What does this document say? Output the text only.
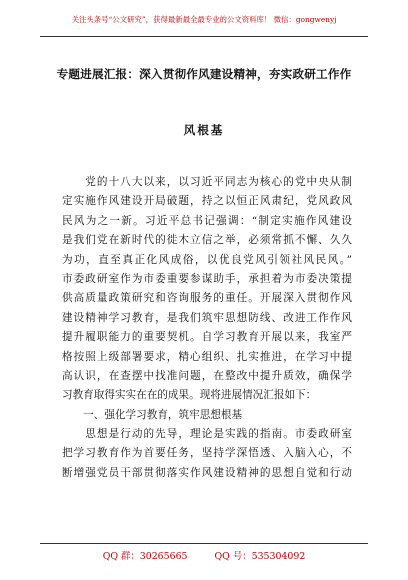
关注头条号“公文研究”，获得最新最全最专业的公文资料库！ 微信：gongwenyj
专题进展汇报：深入贯彻作风建设精神，夯实政研工作作
风根基
　　党的十八大以来，以习近平同志为核心的党中央从制
定实施作风建设开局破题，持之以恒正风肃纪，党风政风
民风为之一新。习近平总书记强调：“制定实施作风建设
是我们党在新时代的徙木立信之举，必须常抓不懈、久久
为功，直至真正化风成俗，以优良党风引领社风民风。”
市委政研室作为市委重要参谋助手，承担着为市委决策提
供高质量政策研究和咨询服务的重任。开展深入贯彻作风
建设精神学习教育，是我们筑牢思想防线、改进工作作风
提升履职能力的重要契机。自学习教育开展以来，我室严
格按照上级部署要求，精心组织、扎实推进，在学习中提
高认识，在查摆中找准问题，在整改中提升质效，确保学
习教育取得实实在在的成果。现将进展情况汇报如下：
　　一、强化学习教育，筑牢思想根基
　　思想是行动的先导，理论是实践的指南。市委政研室
把学习教育作为首要任务，坚持学深悟透、入脑入心，不
断增强党员干部贯彻落实作风建设精神的思想自觉和行动
QQ 群：30265665	QQ 号：535304092
